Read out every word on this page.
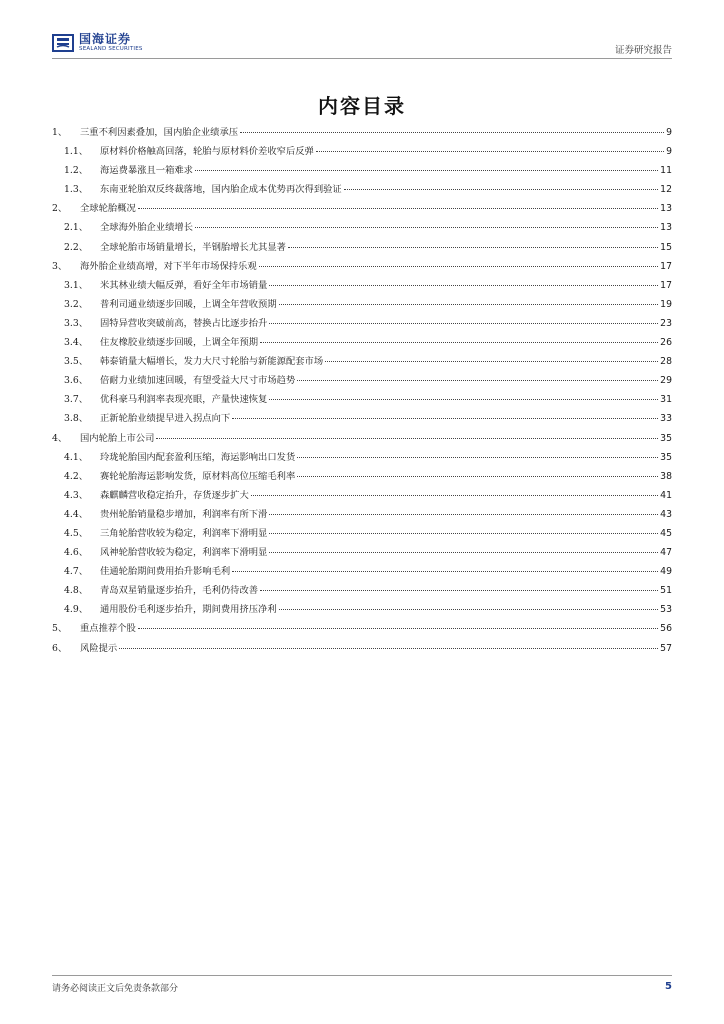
国海证券
SEALAND SECURITIES	证券研究报告
内容目录
1、	三重不利因素叠加，国内胎企业绩承压	9
1.1、	原材料价格触高回落，轮胎与原材料价差收窄后反弹	9
1.2、	海运费暴涨且一箱难求	11
1.3、	东南亚轮胎双反终裁落地，国内胎企成本优势再次得到验证	12
2、	全球轮胎概况	13
2.1、	全球海外胎企业绩增长	13
2.2、	全球轮胎市场销量增长，半钢胎增长尤其显著	15
3、	海外胎企业绩高增，对下半年市场保持乐观	17
3.1、	米其林业绩大幅反弹，看好全年市场销量	17
3.2、	普利司通业绩逐步回暖，上调全年营收预期	19
3.3、	固特异营收突破前高，替换占比逐步抬升	23
3.4、	住友橡胶业绩逐步回暖，上调全年预期	26
3.5、	韩泰销量大幅增长，发力大尺寸轮胎与新能源配套市场	28
3.6、	倍耐力业绩加速回暖，有望受益大尺寸市场趋势	29
3.7、	优科豪马利润率表现亮眼，产量快速恢复	31
3.8、	正新轮胎业绩提早进入拐点向下	33
4、	国内轮胎上市公司	35
4.1、	玲珑轮胎国内配套盈利压缩，海运影响出口发货	35
4.2、	赛轮轮胎海运影响发货，原材料高位压缩毛利率	38
4.3、	森麒麟营收稳定抬升，存货逐步扩大	41
4.4、	贵州轮胎销量稳步增加，利润率有所下滑	43
4.5、	三角轮胎营收较为稳定，利润率下滑明显	45
4.6、	风神轮胎营收较为稳定，利润率下滑明显	47
4.7、	佳通轮胎期间费用抬升影响毛利	49
4.8、	青岛双星销量逐步抬升，毛利仍待改善	51
4.9、	通用股份毛利逐步抬升，期间费用挤压净利	53
5、	重点推荐个股	56
6、	风险提示	57
请务必阅读正文后免责条款部分	5
